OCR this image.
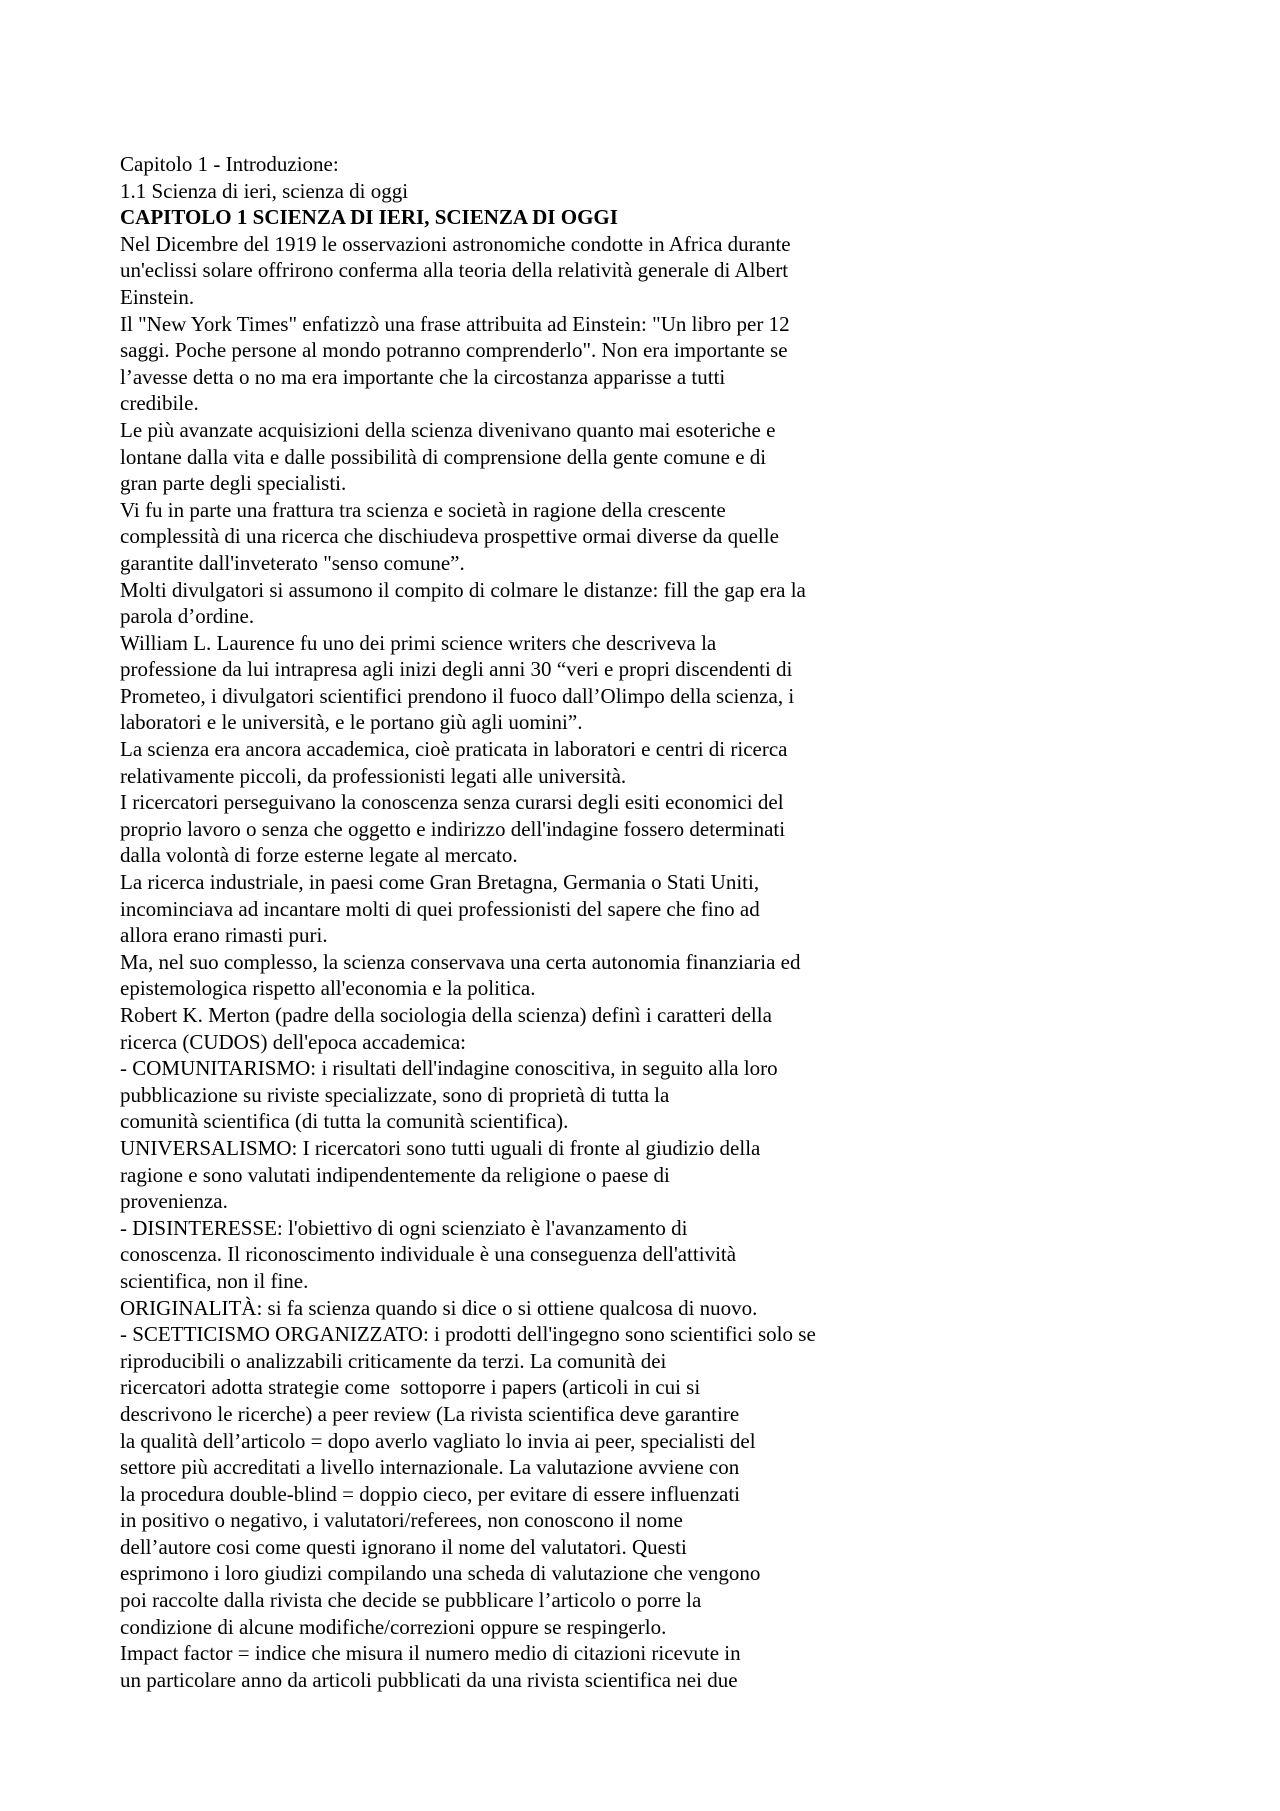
Capitolo 1 - Introduzione:
1.1 Scienza di ieri, scienza di oggi
CAPITOLO 1 SCIENZA DI IERI, SCIENZA DI OGGI
Nel Dicembre del 1919 le osservazioni astronomiche condotte in Africa durante
un'eclissi solare offrirono conferma alla teoria della relatività generale di Albert
Einstein.
Il "New York Times" enfatizzò una frase attribuita ad Einstein: "Un libro per 12
saggi. Poche persone al mondo potranno comprenderlo". Non era importante se
l’avesse detta o no ma era importante che la circostanza apparisse a tutti
credibile.
Le più avanzate acquisizioni della scienza divenivano quanto mai esoteriche e
lontane dalla vita e dalle possibilità di comprensione della gente comune e di
gran parte degli specialisti.
Vi fu in parte una frattura tra scienza e società in ragione della crescente
complessità di una ricerca che dischiudeva prospettive ormai diverse da quelle
garantite dall'inveterato "senso comune”.
Molti divulgatori si assumono il compito di colmare le distanze: fill the gap era la
parola d’ordine.
William L. Laurence fu uno dei primi science writers che descriveva la
professione da lui intrapresa agli inizi degli anni 30 “veri e propri discendenti di
Prometeo, i divulgatori scientifici prendono il fuoco dall’Olimpo della scienza, i
laboratori e le università, e le portano giù agli uomini”.
La scienza era ancora accademica, cioè praticata in laboratori e centri di ricerca
relativamente piccoli, da professionisti legati alle università.
I ricercatori perseguivano la conoscenza senza curarsi degli esiti economici del
proprio lavoro o senza che oggetto e indirizzo dell'indagine fossero determinati
dalla volontà di forze esterne legate al mercato.
La ricerca industriale, in paesi come Gran Bretagna, Germania o Stati Uniti,
incominciava ad incantare molti di quei professionisti del sapere che fino ad
allora erano rimasti puri.
Ma, nel suo complesso, la scienza conservava una certa autonomia finanziaria ed
epistemologica rispetto all'economia e la politica.
Robert K. Merton (padre della sociologia della scienza) definì i caratteri della
ricerca (CUDOS) dell'epoca accademica:
- COMUNITARISMO: i risultati dell'indagine conoscitiva, in seguito alla loro
pubblicazione su riviste specializzate, sono di proprietà di tutta la
comunità scientifica (di tutta la comunità scientifica).
UNIVERSALISMO: I ricercatori sono tutti uguali di fronte al giudizio della
ragione e sono valutati indipendentemente da religione o paese di
provenienza.
- DISINTERESSE: l'obiettivo di ogni scienziato è l'avanzamento di
conoscenza. Il riconoscimento individuale è una conseguenza dell'attività
scientifica, non il fine.
ORIGINALITÀ: si fa scienza quando si dice o si ottiene qualcosa di nuovo.
- SCETTICISMO ORGANIZZATO: i prodotti dell'ingegno sono scientifici solo se
riproducibili o analizzabili criticamente da terzi. La comunità dei
ricercatori adotta strategie come  sottoporre i papers (articoli in cui si
descrivono le ricerche) a peer review (La rivista scientifica deve garantire
la qualità dell’articolo = dopo averlo vagliato lo invia ai peer, specialisti del
settore più accreditati a livello internazionale. La valutazione avviene con
la procedura double-blind = doppio cieco, per evitare di essere influenzati
in positivo o negativo, i valutatori/referees, non conoscono il nome
dell’autore cosi come questi ignorano il nome del valutatori. Questi
esprimono i loro giudizi compilando una scheda di valutazione che vengono
poi raccolte dalla rivista che decide se pubblicare l’articolo o porre la
condizione di alcune modifiche/correzioni oppure se respingerlo.
Impact factor = indice che misura il numero medio di citazioni ricevute in
un particolare anno da articoli pubblicati da una rivista scientifica nei due
